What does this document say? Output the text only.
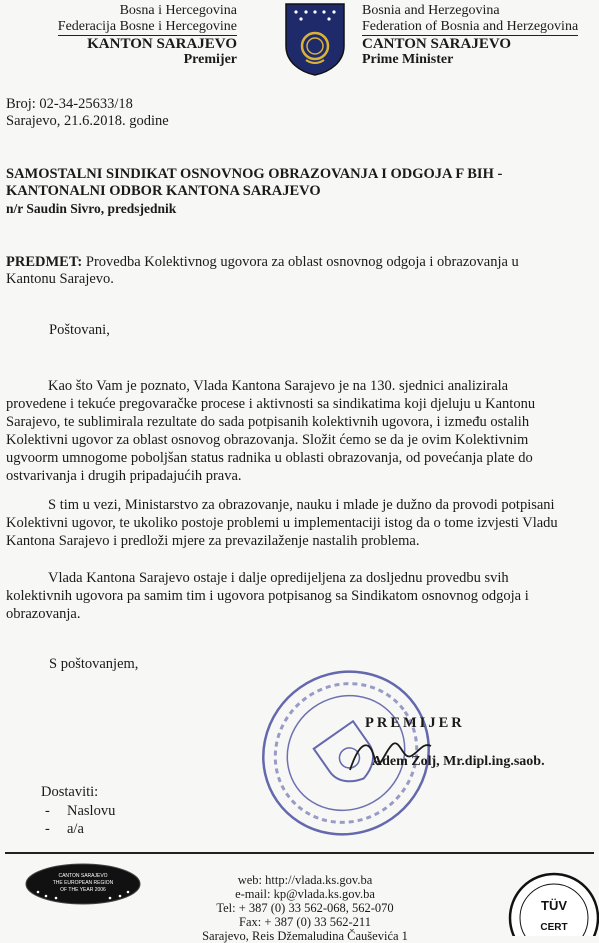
Bosna i Hercegovina
Federacija Bosne i Hercegovine
KANTON SARAJEVO
Premijer
Bosnia and Herzegovina
Federation of Bosnia and Herzegovina
CANTON SARAJEVO
Prime Minister
Broj: 02-34-25633/18
Sarajevo, 21.6.2018. godine
SAMOSTALNI SINDIKAT OSNOVNOG OBRAZOVANJA I ODGOJA F BIH -
KANTONALNI ODBOR KANTONA SARAJEVO
n/r Saudin Sivro, predsjednik
PREDMET: Provedba Kolektivnog ugovora za oblast osnovnog odgoja i obrazovanja u
Kantonu Sarajevo.
Poštovani,
Kao što Vam je poznato, Vlada Kantona Sarajevo je na 130. sjednici analizirala
provedene i tekuće pregovaračke procese i aktivnosti sa sindikatima koji djeluju u Kantonu
Sarajevo, te sublimirala rezultate do sada potpisanih kolektivnih ugovora, i između ostalih
Kolektivni ugovor za oblast osnovog obrazovanja. Složit ćemo se da je ovim Kolektivnim
ugvoorm umnogome poboljšan status radnika u oblasti obrazovanja, od povećanja plate do
ostvarivanja i drugih pripadajućih prava.
S tim u vezi, Ministarstvo za obrazovanje, nauku i mlade je dužno da provodi potpisani
Kolektivni ugovor, te ukoliko postoje problemi u implementaciji istog da o tome izvjesti Vladu
Kantona Sarajevo i predloži mjere za prevazilaženje nastalih problema.
Vlada Kantona Sarajevo ostaje i dalje opredijeljena za dosljednu provedbu svih
kolektivnih ugovora pa samim tim i ugovora potpisanog sa Sindikatom osnovnog odgoja i
obrazovanja.
S poštovanjem,
PREMIJER
Adem Zolj, Mr.dipl.ing.saob.
Dostaviti:
- Naslovu
- a/a
CANTON SARAJEVO
THE EUROPEAN REGION
OF THE YEAR 2006
web: http://vlada.ks.gov.ba
e-mail: kp@vlada.ks.gov.ba
Tel: + 387 (0) 33 562-068, 562-070
Fax: + 387 (0) 33 562-211
Sarajevo, Reis Džemaludina Čauševića 1
TÜV
CERT
